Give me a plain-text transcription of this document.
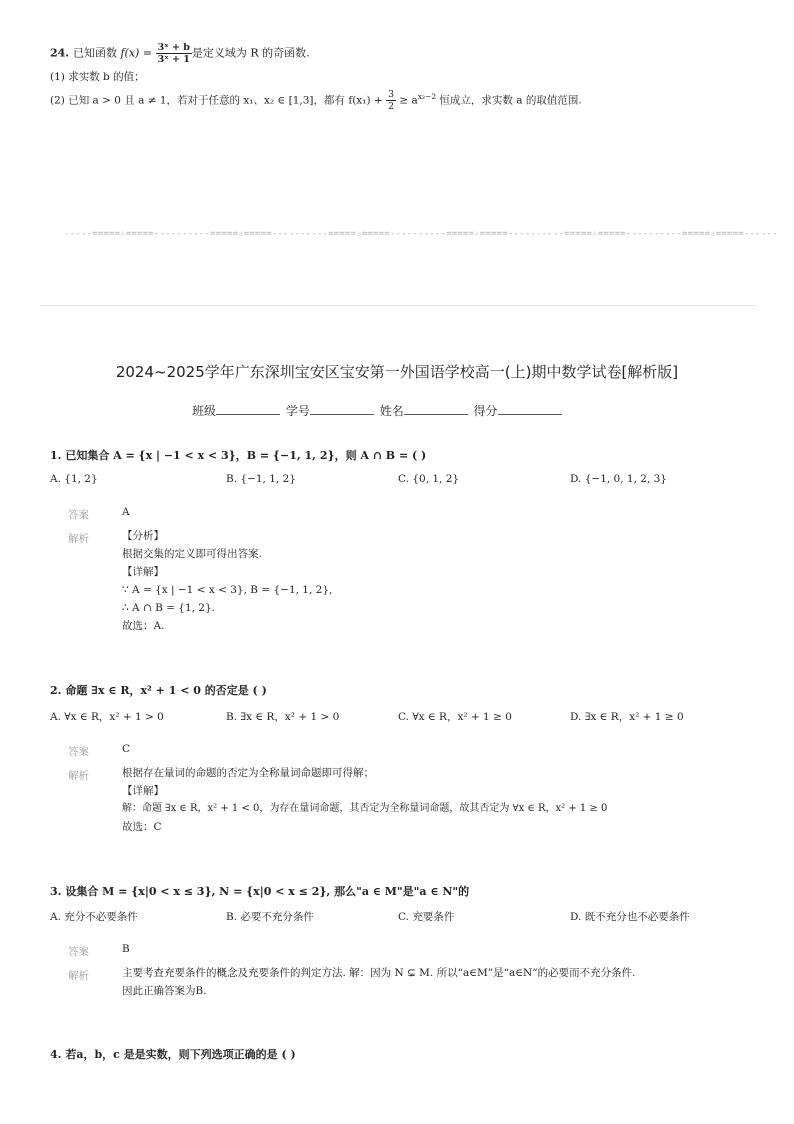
24. 已知函数 $f(x) = \frac{\text{3ˣ + b}}{\text{3ˣ + 1}}$ 是定义域为 R 的奇函数.
(1) 求实数 b 的值；
(2) 已知 a > 0 且 a ≠ 1，若对于任意的 x₁、x₂ ∈ [1,3]，都有 $f(x_1) + \frac{3}{2} \ge a^{x_2-2}$ 恒成立，求实数 a 的取值范围.
-----=====☆=====----------=====☆=====----------=====☆=====----------=====☆=====----------=====☆=====----------=====☆=====------
2024~2025学年广东深圳宝安区宝安第一外国语学校高一(上)期中数学试卷[解析版]
班级	学号	姓名	得分
1. 已知集合 A = {x | −1 < x < 3}，B = {−1, 1, 2}，则 A ∩ B = ( )
A. {1, 2}	B. {−1, 1, 2}	C. {0, 1, 2}	D. {−1, 0, 1, 2, 3}
答案	A
解析	【分析】
根据交集的定义即可得出答案.
【详解】
∵ A = {x | −1 < x < 3}, B = {−1, 1, 2},
∴ A ∩ B = {1, 2}.
故选：A.
2. 命题 ∃x ∈ R，x² + 1 < 0 的否定是 ( )
A. ∀x ∈ R，x² + 1 > 0	B. ∃x ∈ R，x² + 1 > 0	C. ∀x ∈ R，x² + 1 ≥ 0	D. ∃x ∈ R，x² + 1 ≥ 0
答案	C
解析	根据存在量词的命题的否定为全称量词命题即可得解；
【详解】
解：命题 ∃x ∈ R，x² + 1 < 0，为存在量词命题，其否定为全称量词命题，故其否定为 ∀x ∈ R，x² + 1 ≥ 0
故选：C
3. 设集合 M = {x|0 < x ≤ 3}, N = {x|0 < x ≤ 2}, 那么"a ∈ M"是"a ∈ N"的
A. 充分不必要条件	B. 必要不充分条件	C. 充要条件	D. 既不充分也不必要条件
答案	B
解析	主要考查充要条件的概念及充要条件的判定方法. 解：因为 N ⊊ M. 所以“a∈M”是“a∈N”的必要而不充分条件.
因此正确答案为B.
4. 若a，b，c 是是实数，则下列选项正确的是 ( )
